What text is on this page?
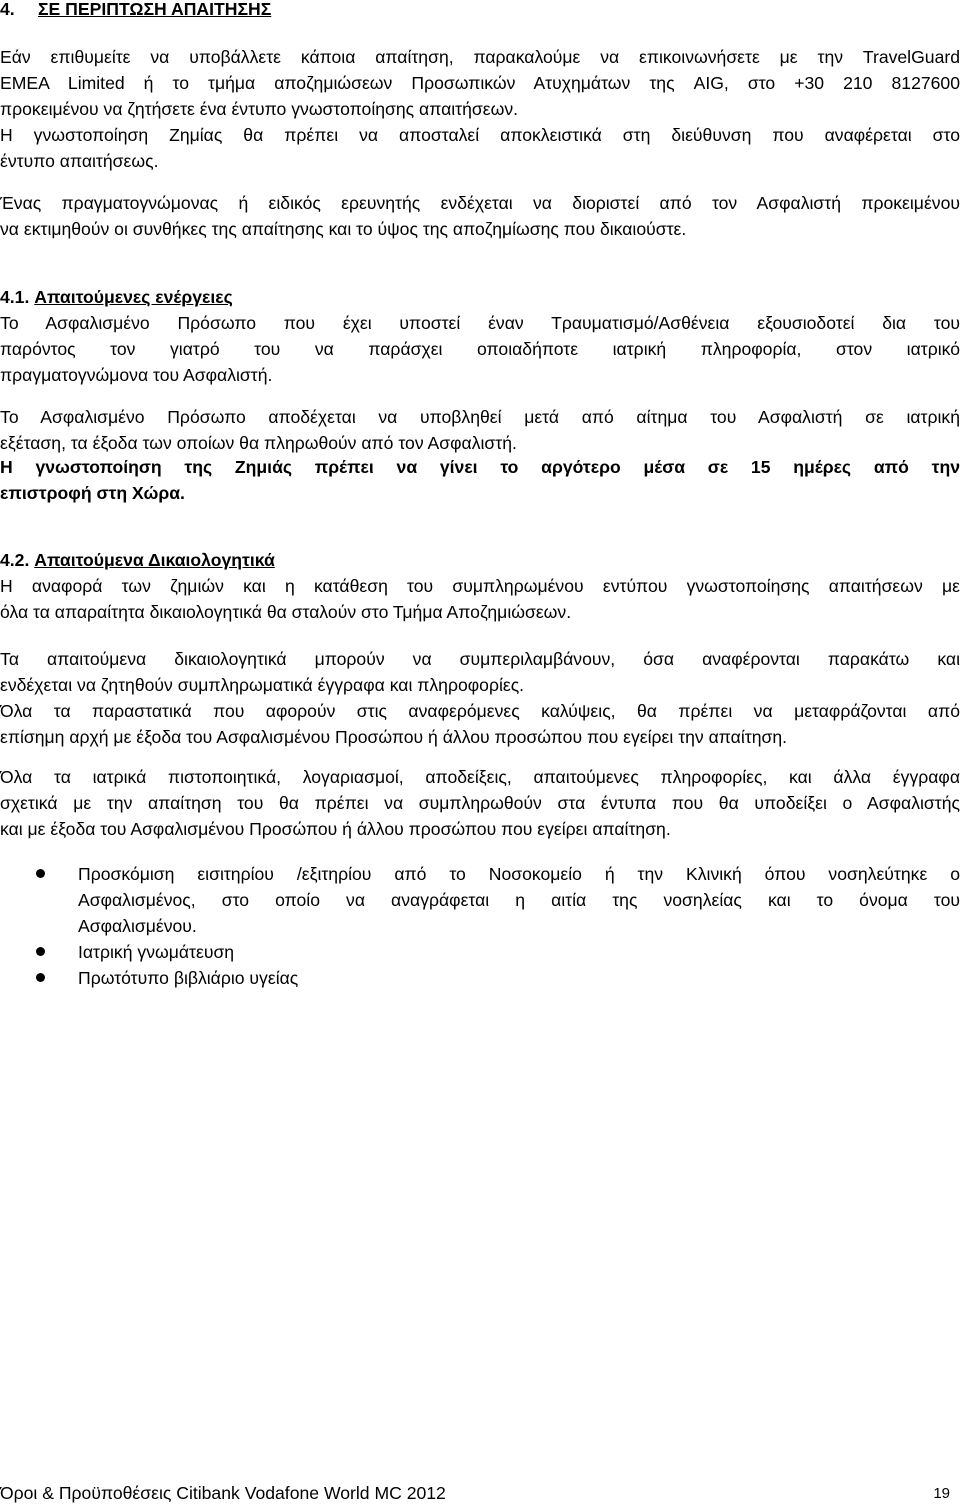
4. ΣΕ ΠΕΡΙΠΤΩΣΗ ΑΠΑΙΤΗΣΗΣ
Εάν επιθυμείτε να υποβάλλετε κάποια απαίτηση, παρακαλούμε να επικοινωνήσετε με την TravelGuard
EMEA Limited ή το τμήμα αποζημιώσεων Προσωπικών Ατυχημάτων της AIG, στο +30 210 8127600
προκειμένου να ζητήσετε ένα έντυπο γνωστοποίησης απαιτήσεων.
Η γνωστοποίηση Ζημίας θα πρέπει να αποσταλεί αποκλειστικά στη διεύθυνση που αναφέρεται στο
έντυπο απαιτήσεως.
Ένας πραγματογνώμονας ή ειδικός ερευνητής ενδέχεται να διοριστεί από τον Ασφαλιστή προκειμένου
να εκτιμηθούν οι συνθήκες της απαίτησης και το ύψος της αποζημίωσης που δικαιούστε.
4.1. Απαιτούμενες ενέργειες
Το Ασφαλισμένο Πρόσωπο που έχει υποστεί έναν Τραυματισμό/Ασθένεια εξουσιοδοτεί δια του
παρόντος τον γιατρό του να παράσχει οποιαδήποτε ιατρική πληροφορία, στον ιατρικό
πραγματογνώμονα του Ασφαλιστή.
Το Ασφαλισμένο Πρόσωπο αποδέχεται να υποβληθεί μετά από αίτημα του Ασφαλιστή σε ιατρική
εξέταση, τα έξοδα των οποίων θα πληρωθούν από τον Ασφαλιστή.
Η γνωστοποίηση της Ζημιάς πρέπει να γίνει το αργότερο μέσα σε 15 ημέρες από την
επιστροφή στη Χώρα.
4.2. Απαιτούμενα Δικαιολογητικά
Η αναφορά των ζημιών και η κατάθεση του συμπληρωμένου εντύπου γνωστοποίησης απαιτήσεων με
όλα τα απαραίτητα δικαιολογητικά θα σταλούν στο Τμήμα Αποζημιώσεων.
Τα απαιτούμενα δικαιολογητικά μπορούν να συμπεριλαμβάνουν, όσα αναφέρονται παρακάτω και
ενδέχεται να ζητηθούν συμπληρωματικά έγγραφα και πληροφορίες.
Όλα τα παραστατικά που αφορούν στις αναφερόμενες καλύψεις, θα πρέπει να μεταφράζονται από
επίσημη αρχή με έξοδα του Ασφαλισμένου Προσώπου ή άλλου προσώπου που εγείρει την απαίτηση.
Όλα τα ιατρικά πιστοποιητικά, λογαριασμοί, αποδείξεις, απαιτούμενες πληροφορίες, και άλλα έγγραφα
σχετικά με την απαίτηση του θα πρέπει να συμπληρωθούν στα έντυπα που θα υποδείξει ο Ασφαλιστής
και με έξοδα του Ασφαλισμένου Προσώπου ή άλλου προσώπου που εγείρει απαίτηση.
Προσκόμιση εισιτηρίου /εξιτηρίου από το Νοσοκομείο ή την Κλινική όπου νοσηλεύτηκε ο
Ασφαλισμένος, στο οποίο να αναγράφεται η αιτία της νοσηλείας και το όνομα του
Ασφαλισμένου.
Ιατρική γνωμάτευση
Πρωτότυπο βιβλιάριο υγείας
Όροι & Προϋποθέσεις Citibank Vodafone World MC 2012	19
